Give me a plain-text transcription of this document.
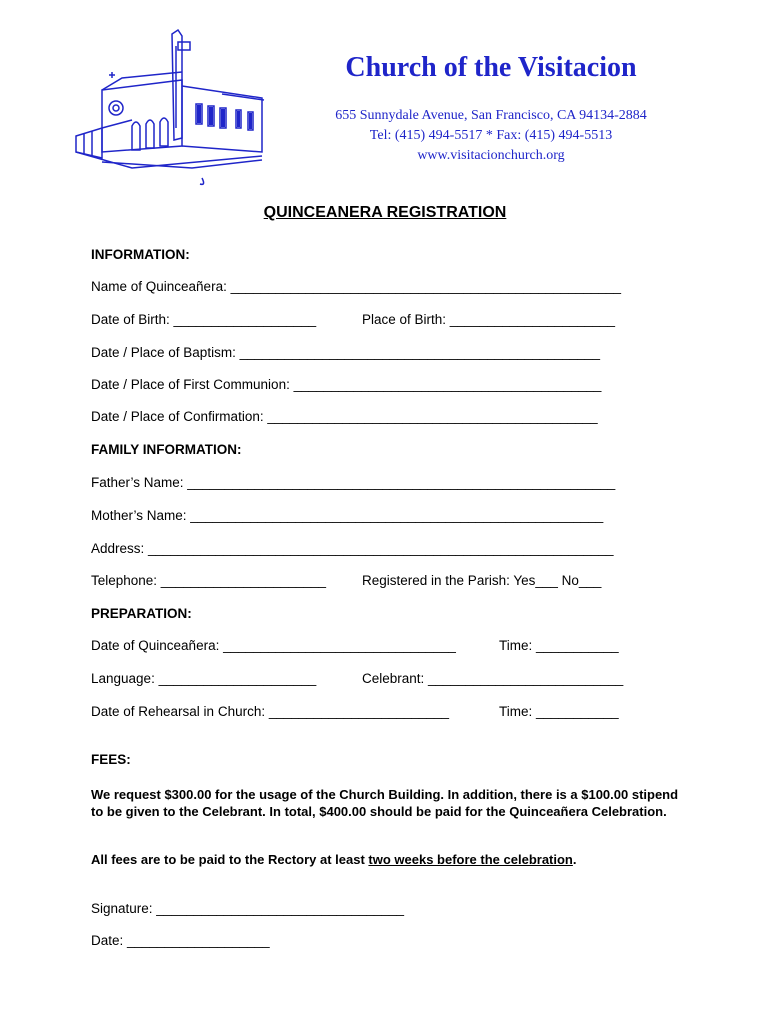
Church of the Visitacion
655 Sunnydale Avenue, San Francisco, CA 94134-2884
Tel: (415) 494-5517 * Fax: (415) 494-5513
www.visitacionchurch.org
QUINCEANERA REGISTRATION
INFORMATION:
Name of Quinceañera: ____________________________________________________
Date of Birth: ___________________	Place of Birth: ______________________
Date / Place of Baptism: ________________________________________________
Date / Place of First Communion: _________________________________________
Date / Place of Confirmation: ____________________________________________
FAMILY INFORMATION:
Father’s Name: _________________________________________________________
Mother’s Name: _______________________________________________________
Address: ______________________________________________________________
Telephone: ______________________	Registered in the Parish: Yes___ No___
PREPARATION:
Date of Quinceañera: _______________________________	Time: ___________
Language: _____________________	Celebrant: __________________________
Date of Rehearsal in Church: ________________________	Time: ___________
FEES:
We request $300.00 for the usage of the Church Building. In addition, there is a $100.00 stipend to be given to the Celebrant. In total, $400.00 should be paid for the Quinceañera Celebration.
All fees are to be paid to the Rectory at least two weeks before the celebration.
Signature: _________________________________
Date: ___________________
